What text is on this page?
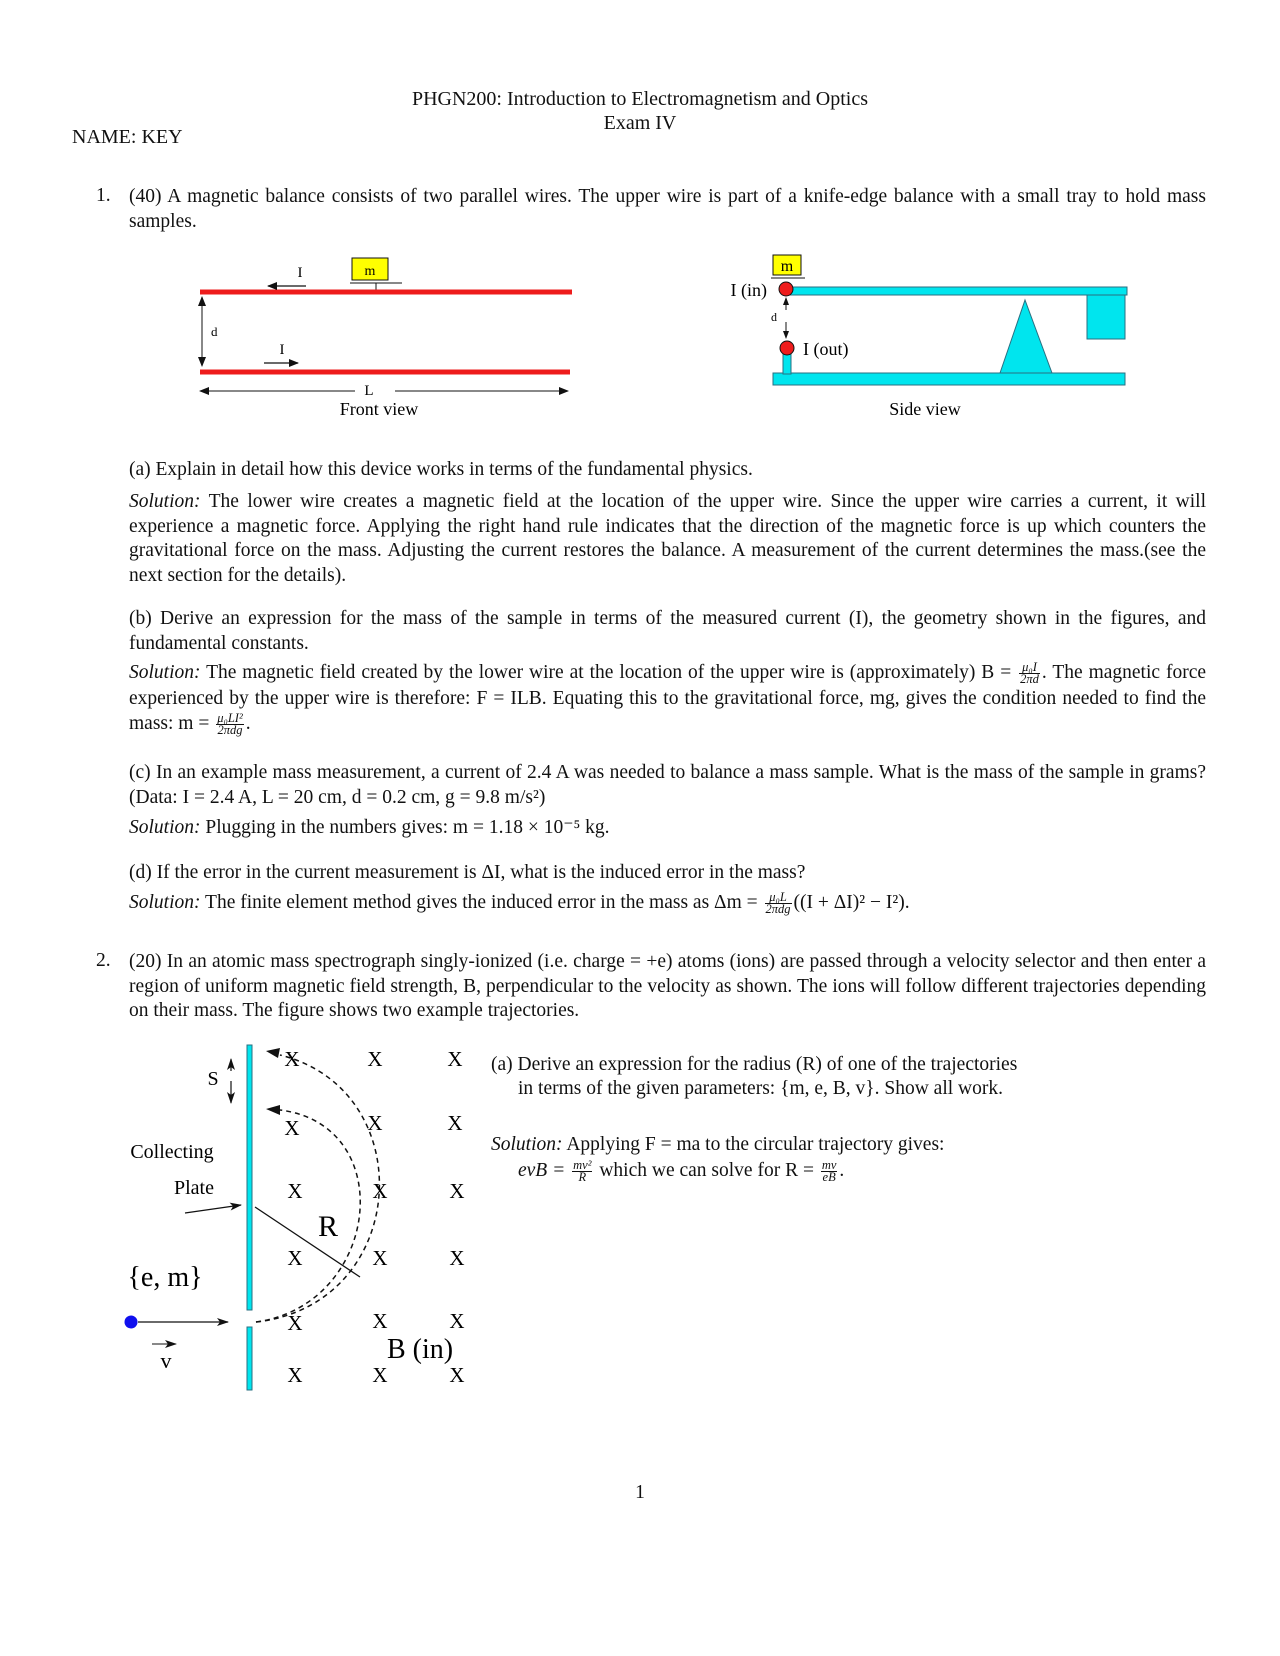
PHGN200: Introduction to Electromagnetism and Optics
Exam IV
NAME: KEY
1. (40) A magnetic balance consists of two parallel wires. The upper wire is part of a knife-edge balance with a small tray to hold mass samples.
m
I
I
d
L
Front view
m
d
I (in)
I (out)
Side view
(a) Explain in detail how this device works in terms of the fundamental physics.
Solution: The lower wire creates a magnetic field at the location of the upper wire. Since the upper wire carries a current, it will experience a magnetic force. Applying the right hand rule indicates that the direction of the magnetic force is up which counters the gravitational force on the mass. Adjusting the current restores the balance. A measurement of the current determines the mass.(see the next section for the details).
(b) Derive an expression for the mass of the sample in terms of the measured current (I), the geometry shown in the figures, and fundamental constants.
Solution: The magnetic field created by the lower wire at the location of the upper wire is (approximately) $B = \frac{\text{μ₀I}}{2\pi d}$ . The magnetic force experienced by the upper wire is therefore: F = ILB. Equating this to the gravitational force, mg, gives the condition needed to find the mass: $m = \frac{\text{μ₀LI²}}{\text{2πdg}}$ .
(c) In an example mass measurement, a current of 2.4 A was needed to balance a mass sample. What is the mass of the sample in grams? (Data: I = 2.4 A, L = 20 cm, d = 0.2 cm, g = 9.8 m/s²)
Solution: Plugging in the numbers gives: m = 1.18 × 10⁻⁵ kg.
(d) If the error in the current measurement is ΔI, what is the induced error in the mass?
Solution: The finite element method gives the induced error in the mass as $\Delta m = \frac{\text{μ₀L}}{\text{2πdg}} ((I + \Delta I)^2 - I^2)$.
2. (20) In an atomic mass spectrograph singly-ionized (i.e. charge = +e) atoms (ions) are passed through a velocity selector and then enter a region of uniform magnetic field strength, B, perpendicular to the velocity as shown. The ions will follow different trajectories depending on their mass. The figure shows two example trajectories.
S
Collecting
Plate
{e, m}
v
R
X	X	X
X	X	X
X	X	X
X	X	X
X	X	X
X	X	X
B (in)
(a) Derive an expression for the radius (R) of one of the trajectories
in terms of the given parameters: {m, e, B, v}. Show all work.
Solution: Applying F = ma to the circular trajectory gives:
evB = $\frac{\text{mv²}}{R}$ which we can solve for $R = \frac{mv}{eB}$ .
1
